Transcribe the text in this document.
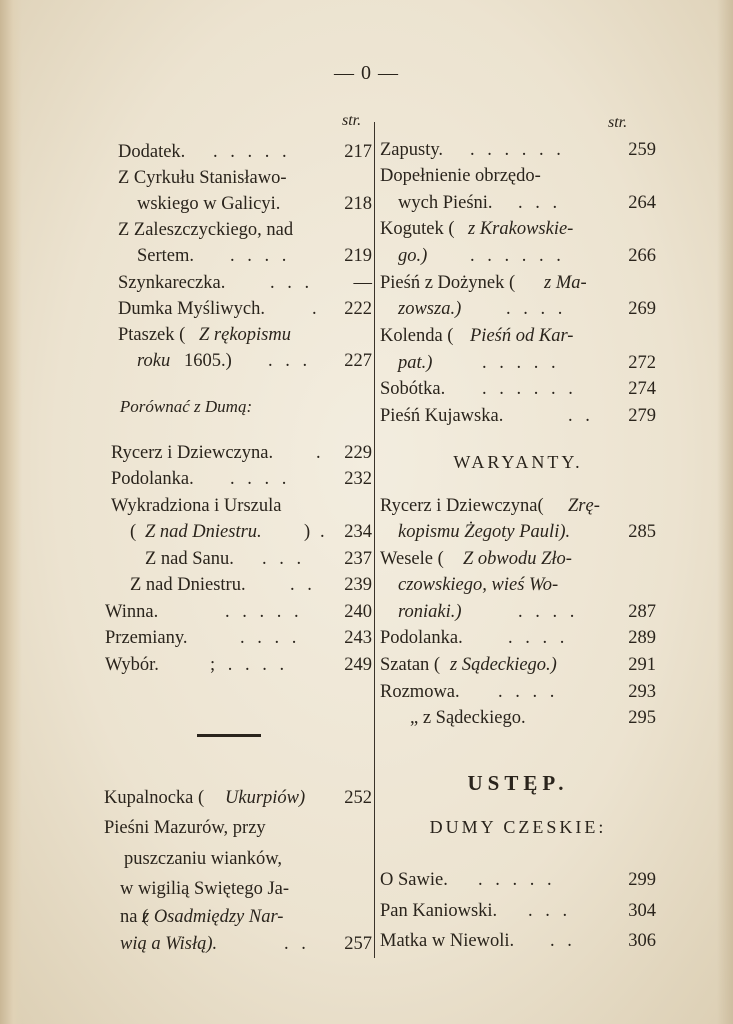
— 0 —
str.
Dodatek. . . . . .	217
Z Cyrkułu Stanisławo-
wskiego w Galicyi.	218
Z Zaleszczyckiego, nad
Sertem. . . . .	219
Szynkareczka. . . . —
Dumka Myśliwych.	. 222
Ptaszek ( Z rękopismu
roku 1605.) . . . 227
Porównać z Dumą:
Rycerz i Dziewczyna. . 229
Podolanka. . . . .	232
Wykradziona i Urszula
( Z nad Dniestru. ) . 234
Z nad Sanu. . . . 237
Z nad Dniestru. . . 239
Winna.	. . . . . 240
Przemiany.	. . . . 243
Wybór.	; . . . .	249
Kupalnocka ( Ukurpiów) 252
Pieśni Mazurów, przy
puszczaniu wianków,
w wigilią Swiętego Ja-
na (
z Osadmiędzy Nar-
wią a Wisłą).	. . 257
str.
Zapusty. . . . . . .	259
Dopełnienie obrzędo-
wych Pieśni. . . .	264
Kogutek ( z Krakowskie-
go.) . . . . . .	266
Pieśń z Dożynek ( z Ma-
zowsza.) . . . .	269
Kolenda ( Pieśń od Kar-
pat.)	. . . . .	272
Sobótka. . . . . . .	274
Pieśń Kujawska.	. . 279
WARYANTY.
Rycerz i Dziewczyna( Zrę-
kopismu Żegoty Pauli).	285
Wesele ( Z obwodu Zło-
czowskiego, wieś Wo-
roniaki.)	. . . .	287
Podolanka. . . . .	289
Szatan ( z Sądeckiego.)	291
Rozmowa. . . . .	293
„ z Sądeckiego.	295
USTĘP.
DUMY CZESKIE:
O Sawie. . . . . .	299
Pan Kaniowski. . . .	304
Matka w Niewoli. . .	306
